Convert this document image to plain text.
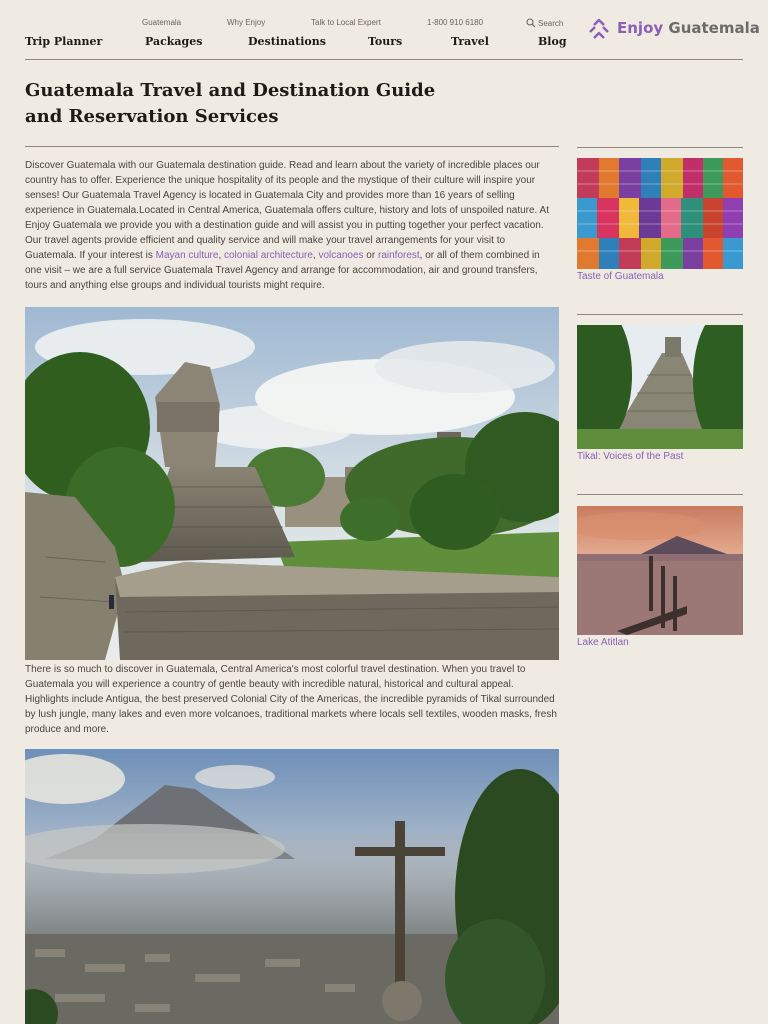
Guatemala	Why Enjoy	Talk to Local Expert	1-800 910 6180	Search
Trip Planner	Packages	Destinations	Tours	Travel	Blog
Enjoy Guatemala
Guatemala Travel and Destination Guide and Reservation Services

Discover Guatemala with our Guatemala destination guide. Read and learn about the variety of incredible places our country has to offer. Experience the unique hospitality of its people and the mystique of their culture will inspire your senses! Our Guatemala Travel Agency is located in Guatemala City and provides more than 16 years of selling experience in Guatemala.Located in Central America, Guatemala offers culture, history and lots of unspoiled nature. At Enjoy Guatemala we provide you with a destination guide and will assist you in putting together your perfect vacation. Our travel agents provide efficient and quality service and will make your travel arrangements for your visit to Guatemala. If your interest is Mayan culture, colonial architecture, volcanoes or rainforest, or all of them combined in one visit – we are a full service Guatemala Travel Agency and arrange for accommodation, air and ground transfers, tours and anything else groups and individual tourists might require.

There is so much to discover in Guatemala, Central America's most colorful travel destination. When you travel to Guatemala you will experience a country of gentle beauty with incredible natural, historical and cultural appeal. Highlights include Antigua, the best preserved Colonial City of the Americas, the incredible pyramids of Tikal surrounded by lush jungle, many lakes and even more volcanoes, traditional markets where locals sell textiles, wooden masks, fresh produce and more.

Taste of Guatemala
Tikal: Voices of the Past
Lake Atitlan
